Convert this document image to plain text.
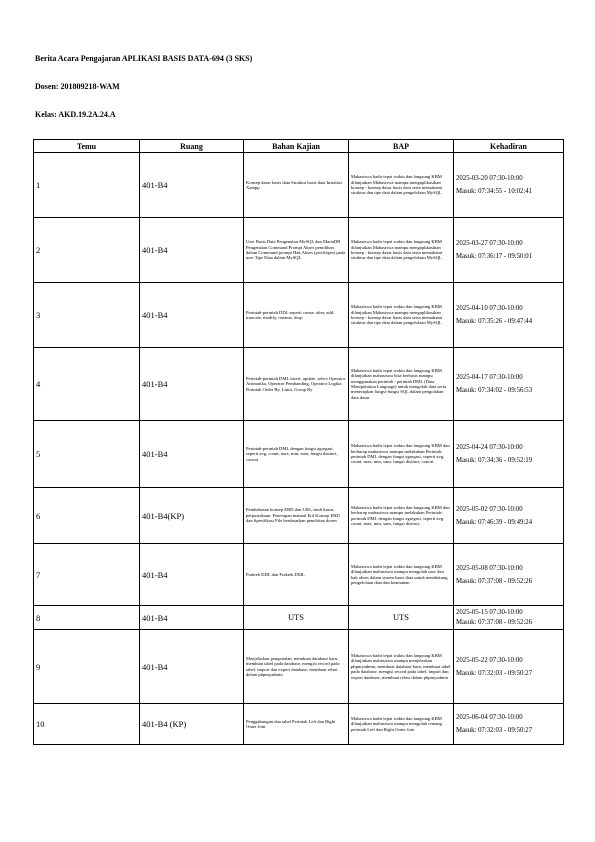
Berita Acara Pengajaran APLIKASI BASIS DATA-694 (3 SKS)
Dosen: 201809218-WAM
Kelas: AKD.19.2A.24.A
Temu	Ruang	Bahan Kajian	BAP	Kehadiran
1	401-B4	Konsep dasar basis data Struktur basis data Instalasi Xampp	Mahasiswa hadir tepat waktu dan langsung KBM dilanjutkan Mahasiswa mampu mengaplikasikan konsep - konsep dasar basis data serta memahami struktur dan tipe data dalam pengelolaan MySQL	2025-03-20 07:30-10:00
Masuk: 07:34:55 - 10:02:41

2	401-B4	User Basis Data Pengenalan MySQL dan MariaDB Pengenalan Command Prompt Akses pemilihan dalam Command prompt Hak Akses (privileges) pada user Tipe Data dalam MySQL	Mahasiswa hadir tepat waktu dan langsung KBM dilanjutkan Mahasiswa mampu mengaplikasikan konsep - konsep dasar basis data serta memahami struktur dan tipe data dalam pengelolaan MySQL	2025-03-27 07:30-10:00
Masuk: 07:36:17 - 09:50:01

3	401-B4	Perintah-perintah DDL seperti create, alter, add, truncate, modify, rename, drop	Mahasiswa hadir tepat waktu dan langsung KBM dilanjutkan Mahasiswa mampu mengaplikasikan konsep - konsep dasar basis data serta memahami struktur dan tipe data dalam pengelolaan MySQL	2025-04-10 07:30-10:00
Masuk: 07:35:26 - 09:47:44

4	401-B4	Perintah-perintah DML insert, update, select Operator Aritmatika, Operator Pembanding, Operator Logika Perintah Order By, Limit, Group By	Mahasiswa hadir tepat waktu dan langsung KBM dilanjutkan mahasiswa bisa berbasis mampu menggunakan perintah - perintah DML (Data Manipulation Language) untuk mengolah data serta menerapkan fungsi-fungsi SQL dalam pengolahan data dasar	2025-04-17 07:30-10:00
Masuk: 07:34:02 - 09:56:53

5	401-B4	Perintah-perintah DML dengan fungsi agregasi, seperti avg, count, max, min, sum, fungsi distinct, concat	Mahasiswa hadir tepat waktu dan langsung KBM dan berharap mahasiswa mampu melakukan Perintah-perintah DML dengan fungsi agregasi, seperti avg, count, max, min, sum, fungsi distinct, concat	2025-04-24 07:30-10:00
Masuk: 07:34:36 - 09:52:19

6	401-B4(KP)	Pembahasan konsep ERD dan LRS, studi kasus perpustakaan. Penerapan manual Erd Konsep ERD dan Spesifikasi File berdasarkan penelitian dosen	Mahasiswa hadir tepat waktu dan langsung KBM dan berharap mahasiswa mampu melakukan Perintah-perintah DML dengan fungsi agregasi, seperti avg, count, max, min, sum, fungsi distinct,	2025-05-02 07:30-10:00
Masuk: 07:46:39 - 09:49:24

7	401-B4	Praktek DDL dan Praktek DML	Mahasiswa hadir tepat waktu dan langsung KBM dilanjutkan mahasiswa mampu mengolah user dan hak akses dalam sistem basis data untuk mendukung pengelolaan data dan keamanan	2025-05-08 07:30-10:00
Masuk: 07:37:08 - 09:52:26

8	401-B4	UTS	UTS	2025-05-15 07:30-10:00
Masuk: 07:37:08 - 09:52:26

9	401-B4	Menjelaskan pengenalan, membuat database baru, membuat tabel pada database, mengisi record pada tabel, import dan export database, membuat relasi dalam phpmyadmin	Mahasiswa hadir tepat waktu dan langsung KBM dilanjutkan mahasiswa mampu menjelaskan phpmyadmin, membuat database baru, membuat tabel pada database, mengisi record pada tabel, import dan export database, membuat relasi dalam phpmyadmin	2025-05-22 07:30-10:00
Masuk: 07:32:03 - 09:50:27

10	401-B4 (KP)	Penggabungan dua tabel Perintah Left dan Right Outer Join	Mahasiswa hadir tepat waktu dan langsung KBM dilanjutkan mahasiswa mampu mengolah tentang perintah Left dan Right Outer Join	2025-06-04 07:30-10:00
Masuk: 07:32:03 - 09:50:27
